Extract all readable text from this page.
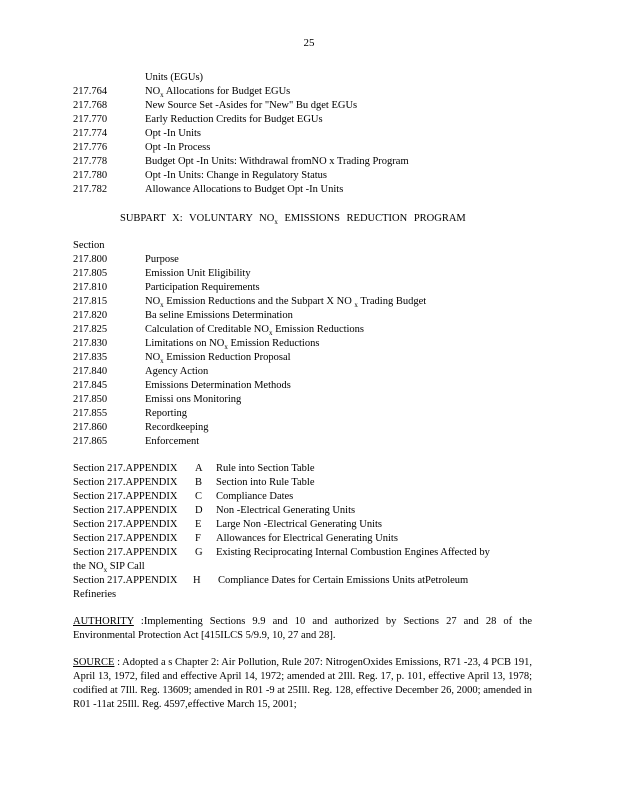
25
Units (EGUs)
217.764	$NO_x$ Allocations for Budget EGUs
217.768	New Source Set -Asides for "New" Bu dget EGUs
217.770	Early Reduction Credits for Budget EGUs
217.774	Opt -In Units
217.776	Opt -In Process
217.778	Budget Opt -In Units: Withdrawal fromNO x Trading Program
217.780	Opt -In Units: Change in Regulatory Status
217.782	Allowance Allocations to Budget Opt -In Units
SUBPART X: VOLUNTARY $NO_x$ EMISSIONS REDUCTION PROGRAM
Section
217.800	Purpose
217.805	Emission Unit Eligibility
217.810	Participation Requirements
217.815	$NO_x$ Emission Reductions and the Subpart X NO $_x$ Trading Budget
217.820	Ba seline Emissions Determination
217.825	Calculation of Creditable $NO_x$ Emission Reductions
217.830	Limitations on $NO_x$ Emission Reductions
217.835	$NO_x$ Emission Reduction Proposal
217.840	Agency Action
217.845	Emissions Determination Methods
217.850	Emissi ons Monitoring
217.855	Reporting
217.860	Recordkeeping
217.865	Enforcement
Section 217.APPENDIX	A	Rule into Section Table
Section 217.APPENDIX	B	Section into Rule Table
Section 217.APPENDIX	C	Compliance Dates
Section 217.APPENDIX	D	Non -Electrical Generating Units
Section 217.APPENDIX	E	Large Non -Electrical Generating Units
Section 217.APPENDIX	F	Allowances for Electrical Generating Units
Section 217.APPENDIX	G	Existing Reciprocating Internal Combustion Engines Affected by
the $NO_x$ SIP Call
Section 217.APPENDIX	H	Compliance Dates for Certain Emissions Units atPetroleum
Refineries
AUTHORITY :Implementing Sections 9.9 and 10 and authorized by Sections 27 and 28 of the Environmental Protection Act [415ILCS 5/9.9, 10, 27 and 28].
SOURCE : Adopted a s Chapter 2: Air Pollution, Rule 207: NitrogenOxides Emissions, R71 -23, 4 PCB 191, April 13, 1972, filed and effective April 14, 1972; amended at 2Ill. Reg. 17, p. 101, effective April 13, 1978; codified at 7Ill. Reg. 13609; amended in R01 -9 at 25Ill. Reg. 128, effective December 26, 2000; amended in R01 -11at 25Ill. Reg. 4597,effective March 15, 2001;
